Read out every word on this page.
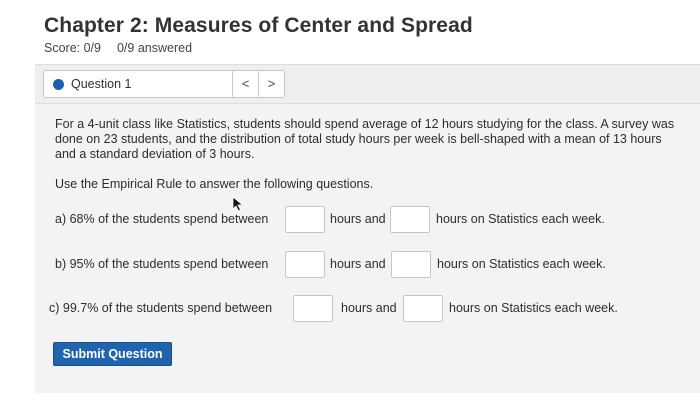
Chapter 2: Measures of Center and Spread
Score: 0/9 0/9 answered
Question 1	<	>
For a 4-unit class like Statistics, students should spend average of 12 hours studying for the class. A survey was done on 23 students, and the distribution of total study hours per week is bell-shaped with a mean of 13 hours and a standard deviation of 3 hours.
Use the Empirical Rule to answer the following questions.
a) 68% of the students spend between	hours and	hours on Statistics each week.
b) 95% of the students spend between	hours and	hours on Statistics each week.
c) 99.7% of the students spend between	hours and	hours on Statistics each week.
Submit Question
